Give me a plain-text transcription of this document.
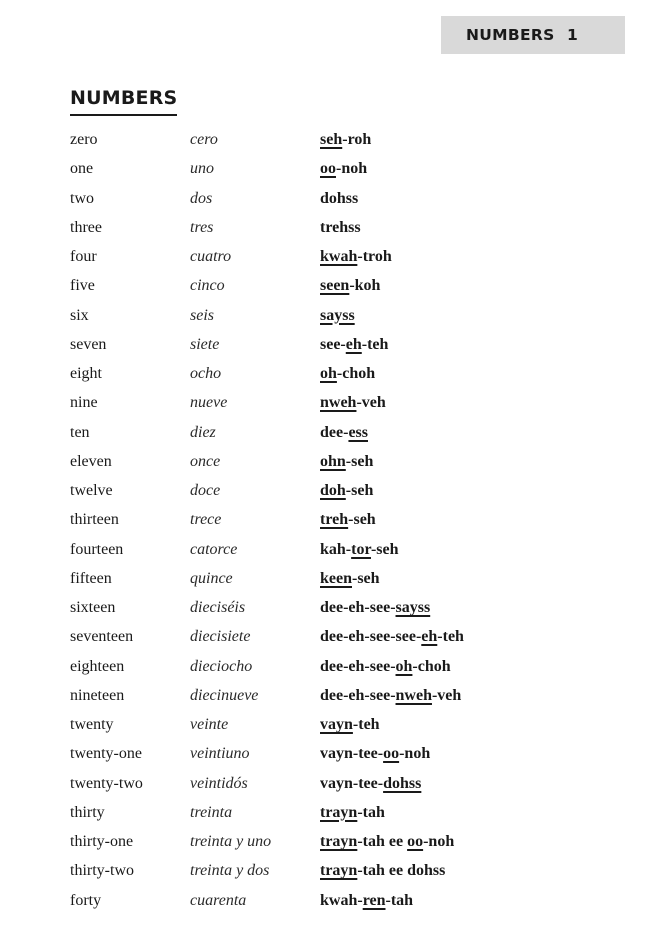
NUMBERS 1
NUMBERS
zero	cero	seh-roh
one	uno	oo-noh
two	dos	dohss
three	tres	trehss
four	cuatro	kwah-troh
five	cinco	seen-koh
six	seis	sayss
seven	siete	see-eh-teh
eight	ocho	oh-choh
nine	nueve	nweh-veh
ten	diez	dee-ess
eleven	once	ohn-seh
twelve	doce	doh-seh
thirteen	trece	treh-seh
fourteen	catorce	kah-tor-seh
fifteen	quince	keen-seh
sixteen	dieciséis	dee-eh-see-sayss
seventeen	diecisiete	dee-eh-see-see-eh-teh
eighteen	dieciocho	dee-eh-see-oh-choh
nineteen	diecinueve	dee-eh-see-nweh-veh
twenty	veinte	vayn-teh
twenty-one	veintiuno	vayn-tee-oo-noh
twenty-two	veintidós	vayn-tee-dohss
thirty	treinta	trayn-tah
thirty-one	treinta y uno	trayn-tah ee oo-noh
thirty-two	treinta y dos	trayn-tah ee dohss
forty	cuarenta	kwah-ren-tah
